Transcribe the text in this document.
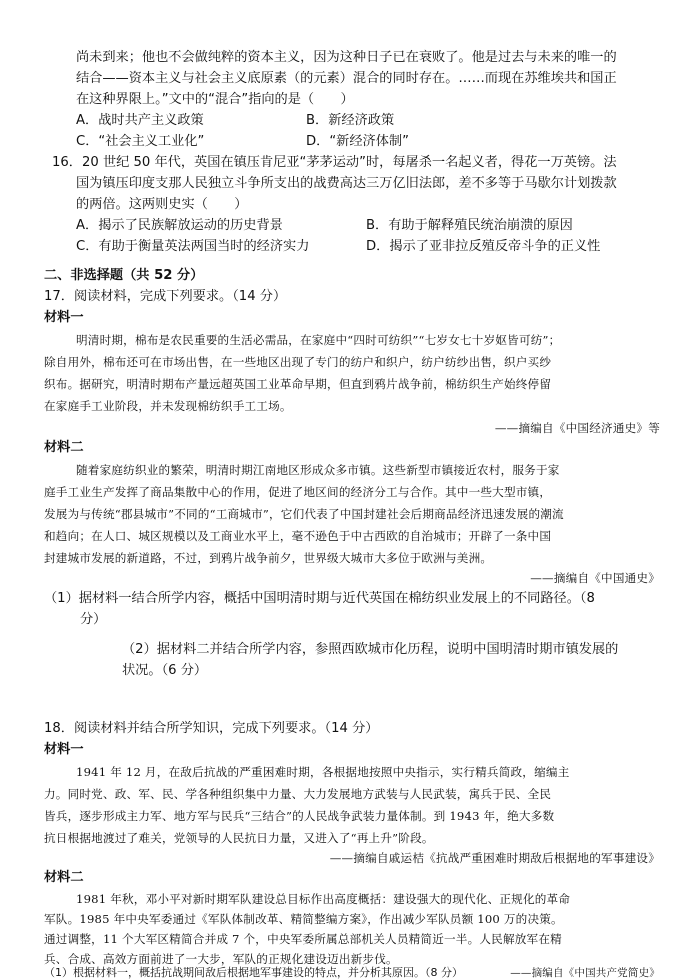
尚未到来；他也不会做纯粹的资本主义，因为这种日子已在衰败了。他是过去与未来的唯一的
结合——资本主义与社会主义底原素（的元素）混合的同时存在。……而现在苏维埃共和国正
在这种界限上。”文中的“混合”指向的是（　　）
A．战时共产主义政策	B．新经济政策
C．“社会主义工业化”	D．“新经济体制”
16．20 世纪 50 年代，英国在镇压肯尼亚“茅茅运动”时，每屠杀一名起义者，得花一万英镑。法
国为镇压印度支那人民独立斗争所支出的战费高达三万亿旧法郎，差不多等于马歇尔计划拨款
的两倍。这两则史实（　　）
A．揭示了民族解放运动的历史背景	B．有助于解释殖民统治崩溃的原因
C．有助于衡量英法两国当时的经济实力	D．揭示了亚非拉反殖反帝斗争的正义性
二、非选择题（共 52 分）
17．阅读材料，完成下列要求。（14 分）
材料一
明清时期，棉布是农民重要的生活必需品，在家庭中“四时可纺织”“七岁女七十岁妪皆可纺”；
除自用外，棉布还可在市场出售，在一些地区出现了专门的纺户和织户，纺户纺纱出售，织户买纱
织布。据研究，明清时期布产量远超英国工业革命早期，但直到鸦片战争前，棉纺织生产始终停留
在家庭手工业阶段，并未发现棉纺织手工工场。
——摘编自《中国经济通史》等
材料二
随着家庭纺织业的繁荣，明清时期江南地区形成众多市镇。这些新型市镇接近农村，服务于家
庭手工业生产发挥了商品集散中心的作用，促进了地区间的经济分工与合作。其中一些大型市镇，
发展为与传统“郡县城市”不同的“工商城市”，它们代表了中国封建社会后期商品经济迅速发展的潮流
和趋向；在人口、城区规模以及工商业水平上，毫不逊色于中古西欧的自治城市；开辟了一条中国
封建城市发展的新道路，不过，到鸦片战争前夕，世界级大城市大多位于欧洲与美洲。
——摘编自《中国通史》
（1）据材料一结合所学内容，概括中国明清时期与近代英国在棉纺织业发展上的不同路径。（8
分）
（2）据材料二并结合所学内容，参照西欧城市化历程，说明中国明清时期市镇发展的
状况。（6 分）
18．阅读材料并结合所学知识，完成下列要求。（14 分）
材料一
1941 年 12 月，在敌后抗战的严重困难时期，各根据地按照中央指示，实行精兵简政，缩编主
力。同时党、政、军、民、学各种组织集中力量、大力发展地方武装与人民武装，寓兵于民、全民
皆兵，逐步形成主力军、地方军与民兵“三结合”的人民战争武装力量体制。到 1943 年，绝大多数
抗日根据地渡过了难关，党领导的人民抗日力量，又进入了“再上升”阶段。
——摘编自戚运桔《抗战严重困难时期敌后根据地的军事建设》
材料二
1981 年秋，邓小平对新时期军队建设总目标作出高度概括：建设强大的现代化、正规化的革命
军队。1985 年中央军委通过《军队体制改革、精简整编方案》，作出减少军队员额 100 万的决策。
通过调整，11 个大军区精简合并成 7 个，中央军委所属总部机关人员精简近一半。人民解放军在精
兵、合成、高效方面前进了一大步，军队的正规化建设迈出新步伐。
——摘编自《中国共产党简史》
（1）根据材料一，概括抗战期间敌后根据地军事建设的特点，并分析其原因。（8 分）
